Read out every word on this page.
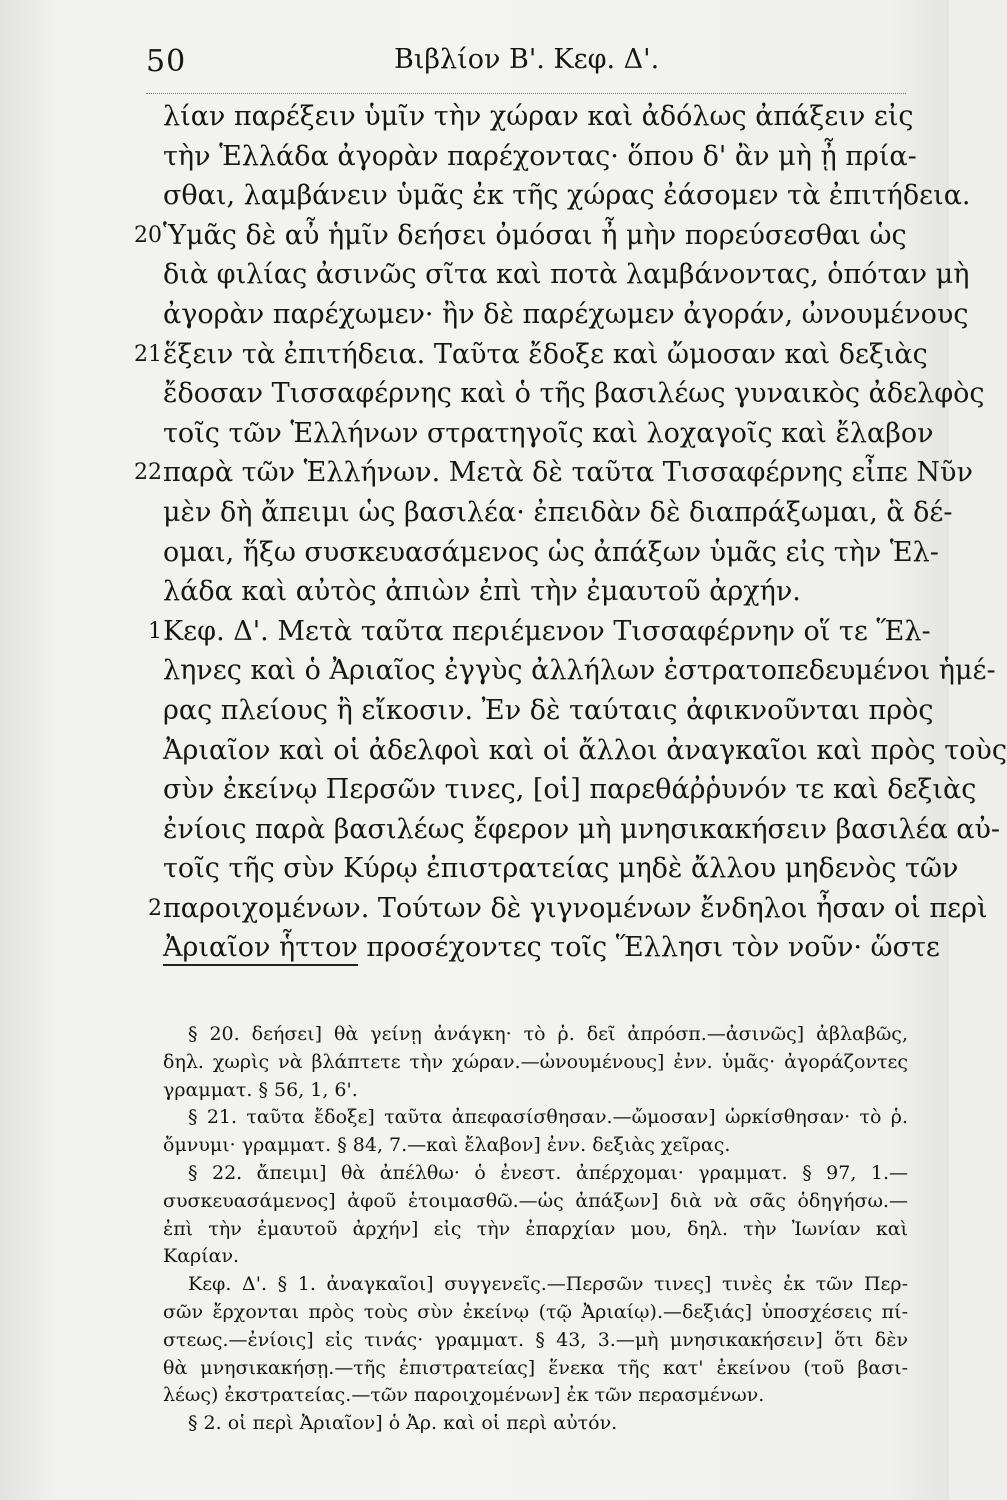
50	Βιβλίον Β'. Κεφ. Δ'.
λίαν παρέξειν ὑμῖν τὴν χώραν καὶ ἀδόλως ἀπάξειν εἰς
τὴν Ἑλλάδα ἀγορὰν παρέχοντας· ὅπου δ' ἂν μὴ ᾖ πρία-
σθαι, λαμβάνειν ὑμᾶς ἐκ τῆς χώρας ἐάσομεν τὰ ἐπιτήδεια.
20 Ὑμᾶς δὲ αὖ ἡμῖν δεήσει ὀμόσαι ἦ μὴν πορεύσεσθαι ὡς
διὰ φιλίας ἀσινῶς σῖτα καὶ ποτὰ λαμβάνοντας, ὁπόταν μὴ
ἀγορὰν παρέχωμεν· ἢν δὲ παρέχωμεν ἀγοράν, ὠνουμένους
21 ἕξειν τὰ ἐπιτήδεια. Ταῦτα ἔδοξε καὶ ὤμοσαν καὶ δεξιὰς
ἔδοσαν Τισσαφέρνης καὶ ὁ τῆς βασιλέως γυναικὸς ἀδελφὸς
τοῖς τῶν Ἑλλήνων στρατηγοῖς καὶ λοχαγοῖς καὶ ἔλαβον
22 παρὰ τῶν Ἑλλήνων. Μετὰ δὲ ταῦτα Τισσαφέρνης εἶπε Νῦν
μὲν δὴ ἄπειμι ὡς βασιλέα· ἐπειδὰν δὲ διαπράξωμαι, ἃ δέ-
ομαι, ἥξω συσκευασάμενος ὡς ἀπάξων ὑμᾶς εἰς τὴν Ἑλ-
λάδα καὶ αὐτὸς ἀπιὼν ἐπὶ τὴν ἐμαυτοῦ ἀρχήν.
1 Κεφ. Δ'. Μετὰ ταῦτα περιέμενον Τισσαφέρνην οἵ τε Ἕλ-
ληνες καὶ ὁ Ἀριαῖος ἐγγὺς ἀλλήλων ἐστρατοπεδευμένοι ἡμέ-
ρας πλείους ἢ εἴκοσιν. Ἐν δὲ ταύταις ἀφικνοῦνται πρὸς
Ἀριαῖον καὶ οἱ ἀδελφοὶ καὶ οἱ ἄλλοι ἀναγκαῖοι καὶ πρὸς τοὺς
σὺν ἐκείνῳ Περσῶν τινες, [οἱ] παρεθάῤῥυνόν τε καὶ δεξιὰς
ἐνίοις παρὰ βασιλέως ἔφερον μὴ μνησικακήσειν βασιλέα αὐ-
τοῖς τῆς σὺν Κύρῳ ἐπιστρατείας μηδὲ ἄλλου μηδενὸς τῶν
2 παροιχομένων. Τούτων δὲ γιγνομένων ἔνδηλοι ἦσαν οἱ περὶ
Ἀριαῖον ἧττον προσέχοντες τοῖς Ἕλλησι τὸν νοῦν· ὥστε
§ 20. δεήσει] θὰ γείνῃ ἀνάγκη· τὸ ῥ. δεῖ ἀπρόσπ.—ἀσινῶς] ἀβλαβῶς,
δηλ. χωρὶς νὰ βλάπτετε τὴν χώραν.—ὠνουμένους] ἐνν. ὑμᾶς· ἀγοράζοντες
γραμματ. § 56, 1, 6'.
§ 21. ταῦτα ἔδοξε] ταῦτα ἀπεφασίσθησαν.—ὤμοσαν] ὡρκίσθησαν· τὸ ῥ.
ὄμνυμι· γραμματ. § 84, 7.—καὶ ἔλαβον] ἐνν. δεξιὰς χεῖρας.
§ 22. ἄπειμι] θὰ ἀπέλθω· ὁ ἐνεστ. ἀπέρχομαι· γραμματ. § 97, 1.—
συσκευασάμενος] ἀφοῦ ἑτοιμασθῶ.—ὡς ἀπάξων] διὰ νὰ σᾶς ὁδηγήσω.—
ἐπὶ τὴν ἐμαυτοῦ ἀρχήν] εἰς τὴν ἐπαρχίαν μου, δηλ. τὴν Ἰωνίαν καὶ
Καρίαν.
Κεφ. Δ'. § 1. ἀναγκαῖοι] συγγενεῖς.—Περσῶν τινες] τινὲς ἐκ τῶν Περ-
σῶν ἔρχονται πρὸς τοὺς σὺν ἐκείνῳ (τῷ Ἀριαίῳ).—δεξιάς] ὑποσχέσεις πί-
στεως.—ἐνίοις] εἰς τινάς· γραμματ. § 43, 3.—μὴ μνησικακήσειν] ὅτι δὲν
θὰ μνησικακήσῃ.—τῆς ἐπιστρατείας] ἕνεκα τῆς κατ' ἐκείνου (τοῦ βασι-
λέως) ἐκστρατείας.—τῶν παροιχομένων] ἐκ τῶν περασμένων.
§ 2. οἱ περὶ Ἀριαῖον] ὁ Ἀρ. καὶ οἱ περὶ αὐτόν.
